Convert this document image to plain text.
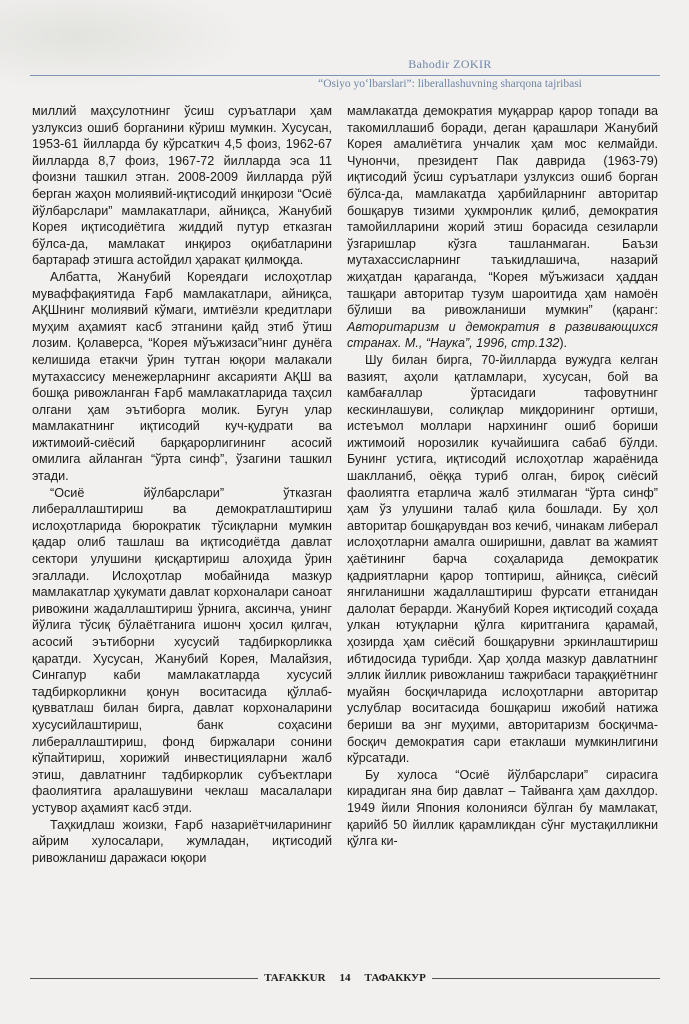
Bahodir ZOKIR
“Osiyo yo‘lbarslari”: liberallashuvning sharqona tajribasi

миллий маҳсулотнинг ўсиш суръатлари ҳам узлуксиз ошиб борганини кўриш мумкин. Хусусан, 1953-61 йилларда бу кўрсаткич 4,5 фоиз, 1962-67 йилларда 8,7 фоиз, 1967-72 йилларда эса 11 фоизни ташкил этган. 2008-2009 йилларда рўй берган жаҳон молиявий-иқтисодий инқирози “Осиё йўлбарслари” мамлакатлари, айниқса, Жанубий Корея иқтисодиётига жиддий путур етказган бўлса-да, мамлакат инқироз оқибатларини бартараф этишга астойдил ҳаракат қилмоқда.

Албатта, Жанубий Кореядаги ислоҳотлар муваффақиятида Ғарб мамлакатлари, айниқса, АҚШнинг молиявий кўмаги, имтиёзли кредитлари муҳим аҳамият касб этганини қайд этиб ўтиш лозим. Қолаверса, “Корея мўъжизаси”нинг дунёга келишида етакчи ўрин тутган юқори малакали мутахассису менежерларнинг аксарияти АҚШ ва бошқа ривожланган Ғарб мамлакатларида таҳсил олгани ҳам эътиборга молик. Бугун улар мамлакатнинг иқтисодий куч-қудрати ва ижтимоий-сиёсий барқарорлигининг асосий омилига айланган “ўрта синф”, ўзагини ташкил этади.

“Осиё йўлбарслари” ўтказган либераллаштириш ва демократлаштириш ислоҳотларида бюрократик тўсиқларни мумкин қадар олиб ташлаш ва иқтисодиётда давлат сектори улушини қисқартириш алоҳида ўрин эгаллади. Ислоҳотлар мобайнида мазкур мамлакатлар ҳукумати давлат корхоналари саноат ривожини жадаллаштириш ўрнига, аксинча, унинг йўлига тўсиқ бўлаётганига ишонч ҳосил қилгач, асосий эътиборни хусусий тадбиркорликка қаратди. Хусусан, Жанубий Корея, Малайзия, Сингапур каби мамлакатларда хусусий тадбиркорликни қонун воситасида қўллаб-қувватлаш билан бирга, давлат корхоналарини хусусийлаштириш, банк соҳасини либераллаштириш, фонд биржалари сонини кўпайтириш, хорижий инвестицияларни жалб этиш, давлатнинг тадбиркорлик субъектлари фаолиятига аралашувини чеклаш масалалари устувор аҳамият касб этди.

Таҳкидлаш жоизки, Ғарб назариётчиларининг айрим хулосалари, жумладан, иқтисодий ривожланиш даражаси юқори

мамлакатда демократия муқаррар қарор топади ва такомиллашиб боради, деган қарашлари Жанубий Корея амалиётига унчалик ҳам мос келмайди. Чунончи, президент Пак даврида (1963-79) иқтисодий ўсиш суръатлари узлуксиз ошиб борган бўлса-да, мамлакатда ҳарбийларнинг авторитар бошқарув тизими ҳукмронлик қилиб, демократия тамойилларини жорий этиш борасида сезиларли ўзгаришлар кўзга ташланмаган. Баъзи мутахассисларнинг таъкидлашича, назарий жиҳатдан қараганда, “Корея мўъжизаси ҳаддан ташқари авторитар тузум шароитида ҳам намоён бўлиши ва ривожланиши мумкин” (қаранг: Авторитаризм и демократия в развивающихся странах. М., “Наука”, 1996, стр.132).

Шу билан бирга, 70-йилларда вужудга келган вазият, аҳоли қатламлари, хусусан, бой ва камбағаллар ўртасидаги тафовутнинг кескинлашуви, солиқлар миқдорининг ортиши, истеъмол моллари нархининг ошиб бориши ижтимоий норозилик кучайишига сабаб бўлди. Бунинг устига, иқтисодий ислоҳотлар жараёнида шаклланиб, оёққа туриб олган, бироқ сиёсий фаолиятга етарлича жалб этилмаган “ўрта синф” ҳам ўз улушини талаб қила бошлади. Бу ҳол авторитар бошқарувдан воз кечиб, чинакам либерал ислоҳотларни амалга оширишни, давлат ва жамият ҳаётининг барча соҳаларида демократик қадриятларни қарор топтириш, айниқса, сиёсий янгиланишни жадаллаштириш фурсати етганидан далолат берарди. Жанубий Корея иқтисодий соҳада улкан ютуқларни қўлга киритганига қарамай, ҳозирда ҳам сиёсий бошқарувни эркинлаштириш ибтидосида турибди. Ҳар ҳолда мазкур давлатнинг эллик йиллик ривожланиш тажрибаси тараққиётнинг муайян босқичларида ислоҳотларни авторитар услублар воситасида бошқариш ижобий натижа бериши ва энг муҳими, авторитаризм босқичма-босқич демократия сари етаклаши мумкинлигини кўрсатади.

Бу хулоса “Осиё йўлбарслари” сирасига кирадиган яна бир давлат – Тайванга ҳам дахлдор. 1949 йили Япония колонияси бўлган бу мамлакат, қарийб 50 йиллик қарамликдан сўнг мустақилликни қўлга ки-

TAFAKKUR	14	ТАФАККУР
